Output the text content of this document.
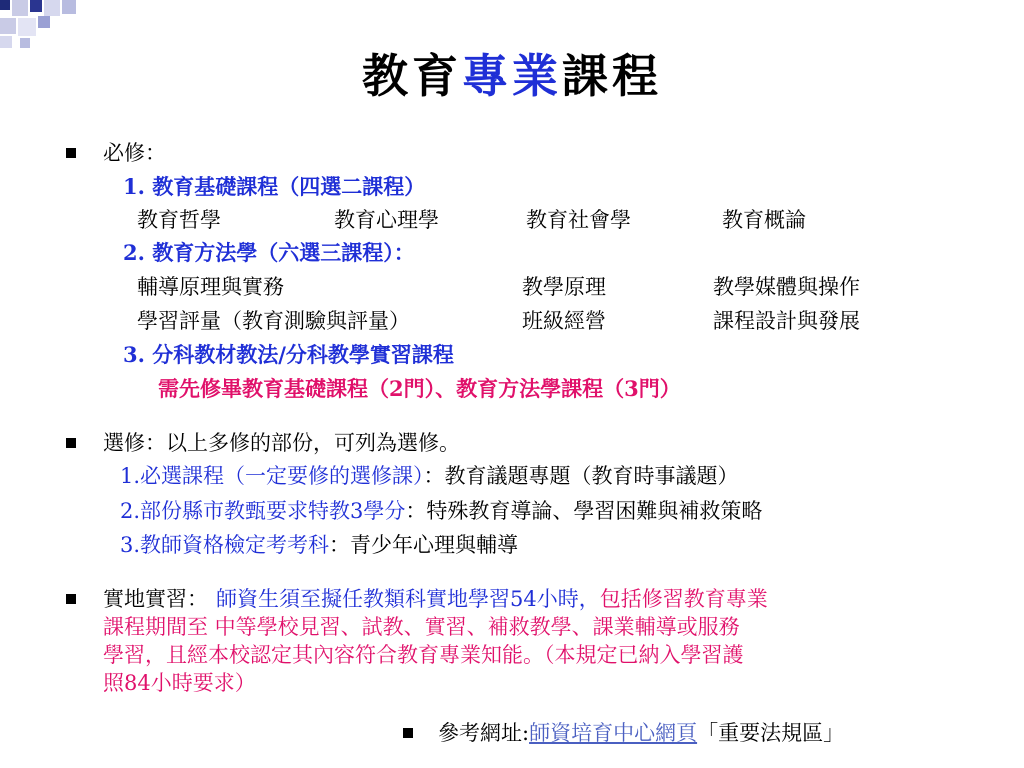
教育專業課程
必修：
1. 教育基礎課程（四選二課程）
教育哲學	教育心理學	教育社會學	教育概論
2. 教育方法學（六選三課程）：
輔導原理與實務	教學原理	教學媒體與操作
學習評量（教育測驗與評量）	班級經營	課程設計與發展
3. 分科教材教法/分科教學實習課程
需先修畢教育基礎課程（2門）、教育方法學課程（3門）
選修：以上多修的部份，可列為選修。
1.必選課程（一定要修的選修課）：教育議題專題（教育時事議題）
2.部份縣市教甄要求特教3學分：特殊教育導論、學習困難與補救策略
3.教師資格檢定考考科：青少年心理與輔導
實地實習： 師資生須至擬任教類科實地學習54小時，包括修習教育專業
課程期間至 中等學校見習、試教、實習、補救教學、課業輔導或服務
學習，且經本校認定其內容符合教育專業知能。（本規定已納入學習護
照84小時要求）
參考網址:師資培育中心網頁「重要法規區」
